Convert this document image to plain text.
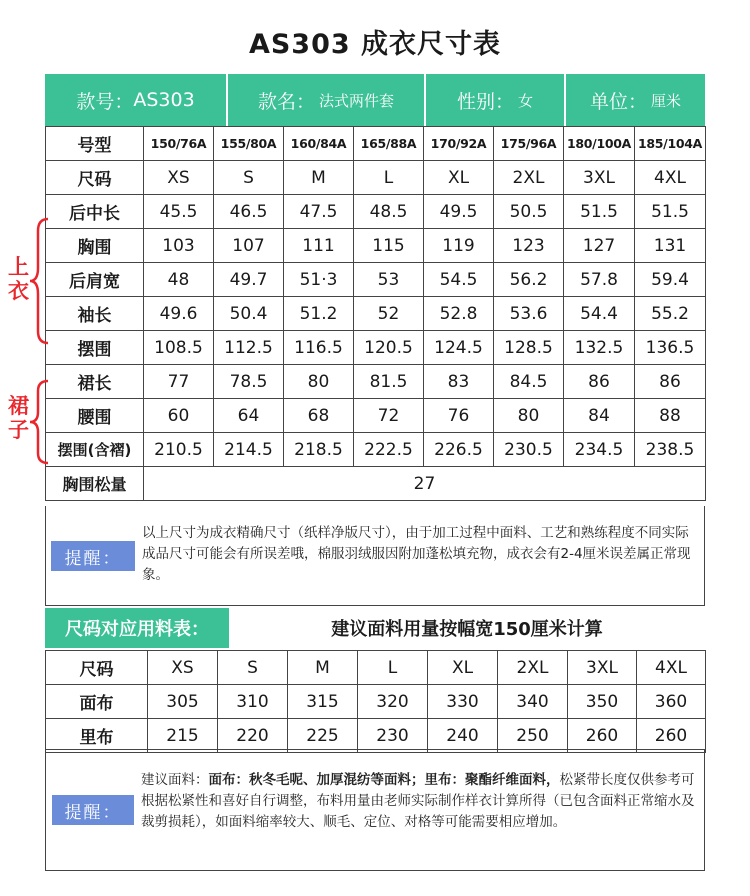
AS303 成衣尺寸表
款号： AS303	款名： 法式两件套	性别： 女	单位： 厘米
号型	150/76A	155/80A	160/84A	165/88A	170/92A	175/96A	180/100A	185/104A
尺码	XS	S	M	L	XL	2XL	3XL	4XL
后中长	45.5	46.5	47.5	48.5	49.5	50.5	51.5	51.5
胸围	103	107	111	115	119	123	127	131
后肩宽	48	49.7	51·3	53	54.5	56.2	57.8	59.4
袖长	49.6	50.4	51.2	52	52.8	53.6	54.4	55.2
摆围	108.5	112.5	116.5	120.5	124.5	128.5	132.5	136.5
裙长	77	78.5	80	81.5	83	84.5	86	86
腰围	60	64	68	72	76	80	84	88
摆围(含褶)	210.5	214.5	218.5	222.5	226.5	230.5	234.5	238.5
胸围松量	27							
上衣
裙子
提醒：
以上尺寸为成衣精确尺寸（纸样净版尺寸），由于加工过程中面料、工艺和熟练程度不同实际成品尺寸可能会有所误差哦，棉服羽绒服因附加蓬松填充物，成衣会有2-4厘米误差属正常现象。
尺码对应用料表：	建议面料用量按幅宽150厘米计算
尺码	XS	S	M	L	XL	2XL	3XL	4XL
面布	305	310	315	320	330	340	350	360
里布	215	220	225	230	240	250	260	260
提醒：
建议面料：面布：秋冬毛呢、加厚混纺等面料；里布：聚酯纤维面料，松紧带长度仅供参考可根据松紧性和喜好自行调整，布料用量由老师实际制作样衣计算所得（已包含面料正常缩水及裁剪损耗），如面料缩率较大、顺毛、定位、对格等可能需要相应增加。
